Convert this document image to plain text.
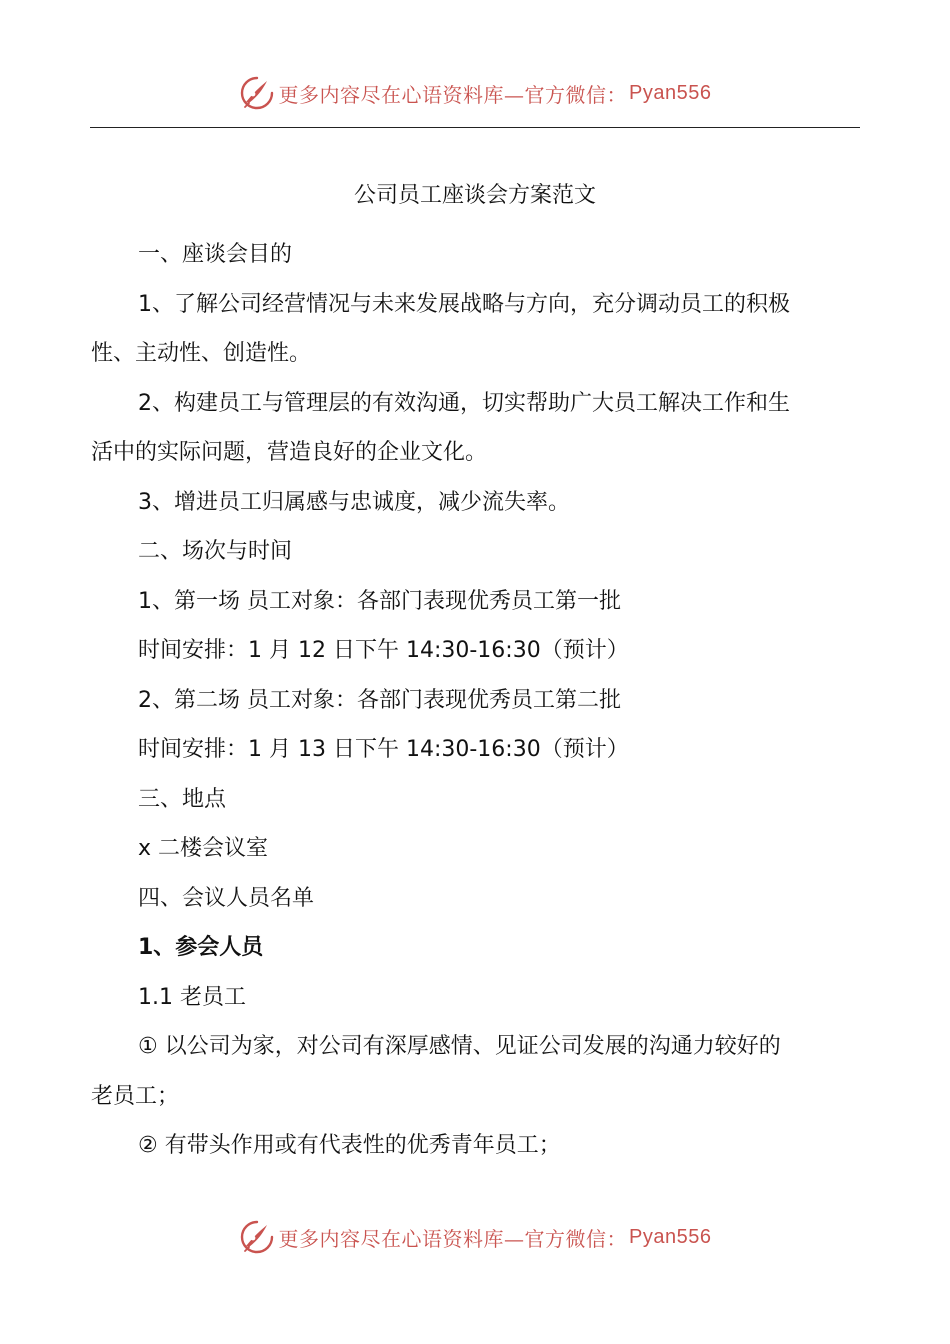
更多内容尽在心语资料库—官方微信： Pyan556
公司员工座谈会方案范文

一、座谈会目的

1、了解公司经营情况与未来发展战略与方向，充分调动员工的积极

性、主动性、创造性。

2、构建员工与管理层的有效沟通，切实帮助广大员工解决工作和生

活中的实际问题，营造良好的企业文化。

3、增进员工归属感与忠诚度，减少流失率。

二、场次与时间

1、第一场 员工对象：各部门表现优秀员工第一批

时间安排：1 月 12 日下午 14:30-16:30（预计）

2、第二场 员工对象：各部门表现优秀员工第二批

时间安排：1 月 13 日下午 14:30-16:30（预计）

三、地点

x 二楼会议室

四、会议人员名单

1、参会人员

1.1 老员工

① 以公司为家，对公司有深厚感情、见证公司发展的沟通力较好的

老员工；

② 有带头作用或有代表性的优秀青年员工；

更多内容尽在心语资料库—官方微信： Pyan556
